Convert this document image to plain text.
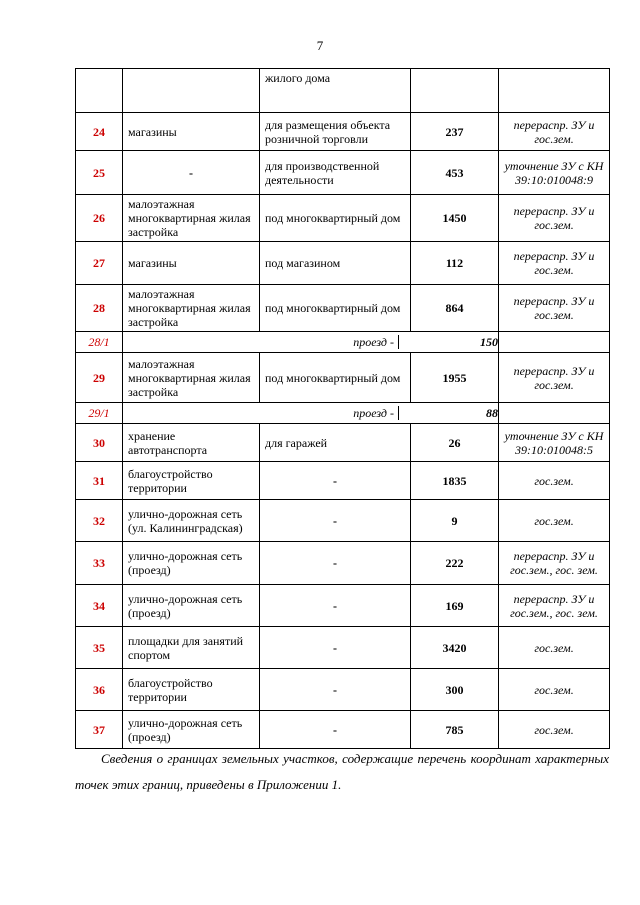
7
		жилого дома		
24	магазины	для размещения объекта розничной торговли	237	перераспр. ЗУ и гос.зем.
25	-	для производственной деятельности	453	уточнение ЗУ с КН 39:10:010048:9
26	малоэтажная многоквартирная жилая застройка	под многоквартирный дом	1450	перераспр. ЗУ и гос.зем.
27	магазины	под магазином	112	перераспр. ЗУ и гос.зем.
28	малоэтажная многоквартирная жилая застройка	под многоквартирный дом	864	перераспр. ЗУ и гос.зем.
28/1	проезд - 150			

29	малоэтажная многоквартирная жилая застройка	под многоквартирный дом	1955	перераспр. ЗУ и гос.зем.
29/1	проезд - 88			

30	хранение автотранспорта	для гаражей	26	уточнение ЗУ с КН 39:10:010048:5
31	благоустройство территории	-	1835	гос.зем.
32	улично-дорожная сеть (ул. Калининградская)	-	9	гос.зем.
33	улично-дорожная сеть (проезд)	-	222	перераспр. ЗУ и гос.зем., гос. зем.
34	улично-дорожная сеть (проезд)	-	169	перераспр. ЗУ и гос.зем., гос. зем.
35	площадки для занятий спортом	-	3420	гос.зем.
36	благоустройство территории	-	300	гос.зем.
37	улично-дорожная сеть (проезд)	-	785	гос.зем.

Сведения о границах земельных участков, содержащие перечень координат характерных точек этих границ, приведены в Приложении 1.
